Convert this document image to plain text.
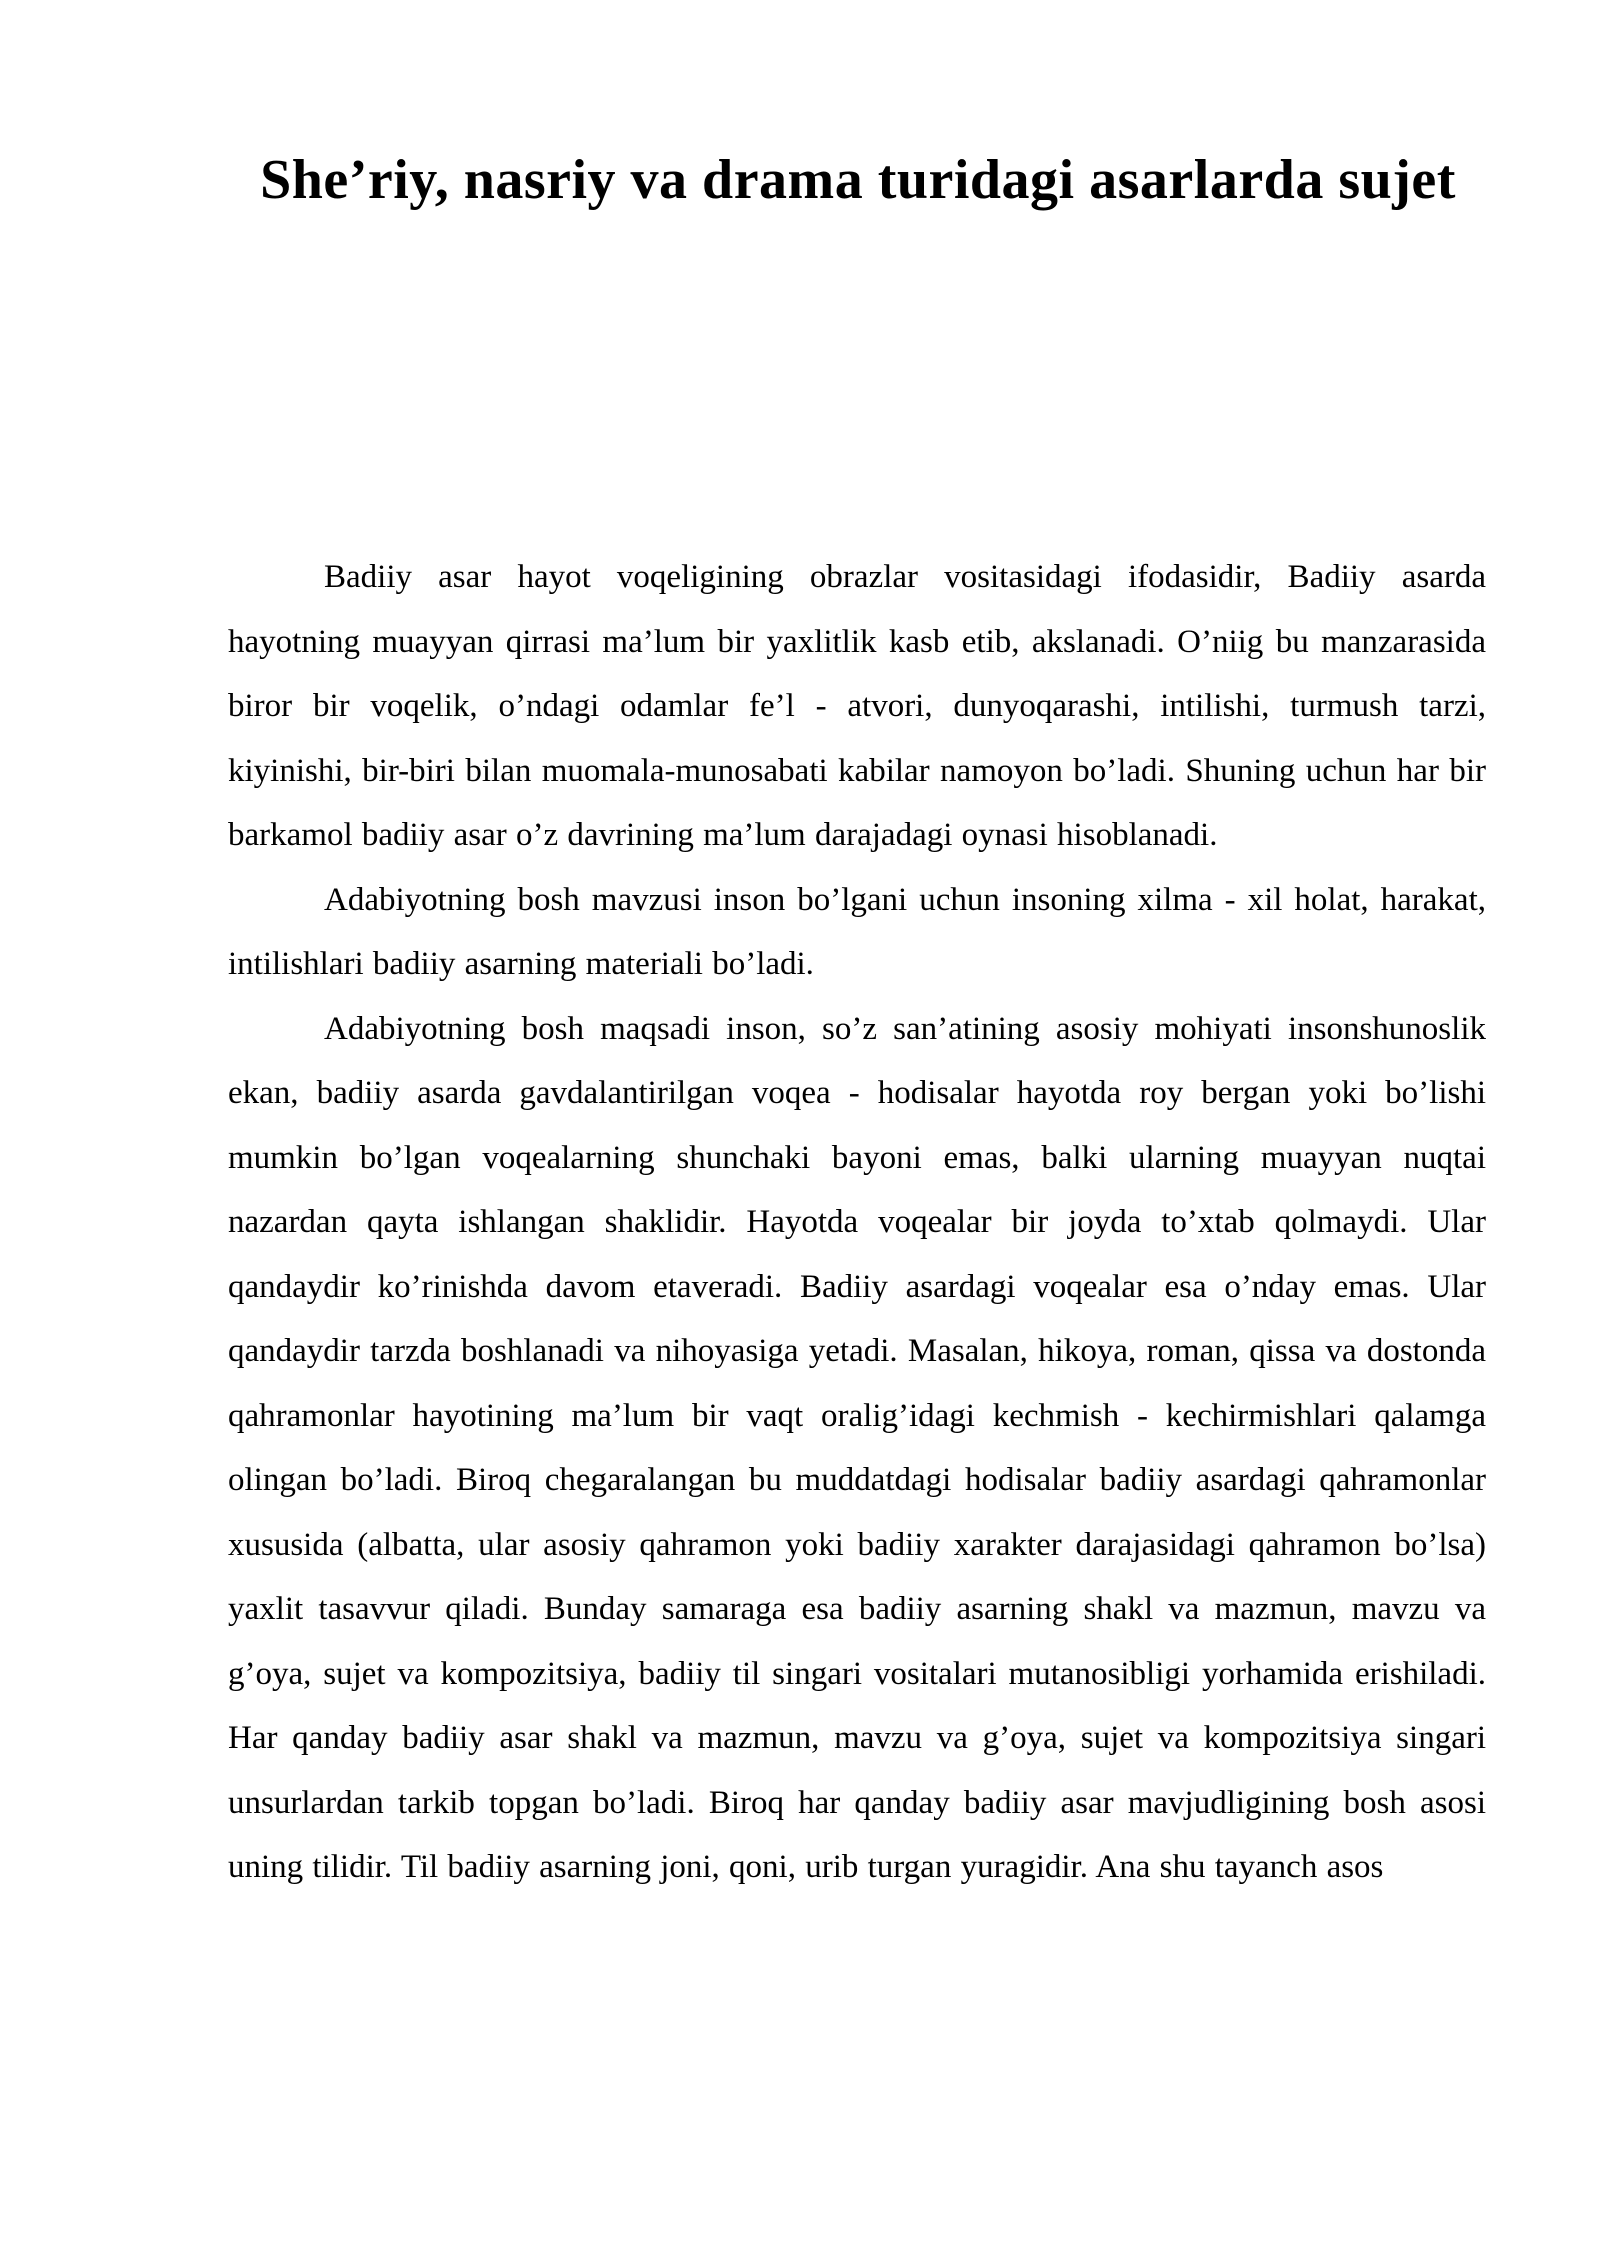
She’riy, nasriy va drama turidagi asarlarda sujet

Badiiy asar hayot voqeligining obrazlar vositasidagi ifodasidir, Badiiy asarda hayotning muayyan qirrasi ma’lum bir yaxlitlik kasb etib, akslanadi. O’niig bu manzarasida biror bir voqelik, o’ndagi odamlar fe’l - atvori, dunyoqarashi, intilishi, turmush tarzi, kiyinishi, bir-biri bilan muomala-munosabati kabilar namoyon bo’ladi. Shuning uchun har bir barkamol badiiy asar o’z davrining ma’lum darajadagi oynasi hisoblanadi.

Adabiyotning bosh mavzusi inson bo’lgani uchun insoning xilma - xil holat, harakat, intilishlari badiiy asarning materiali bo’ladi.

Adabiyotning bosh maqsadi inson, so’z san’atining asosiy mohiyati insonshunoslik ekan, badiiy asarda gavdalantirilgan voqea - hodisalar hayotda roy bergan yoki bo’lishi mumkin bo’lgan voqealarning shunchaki bayoni emas, balki ularning muayyan nuqtai nazardan qayta ishlangan shaklidir. Hayotda voqealar bir joyda to’xtab qolmaydi. Ular qandaydir ko’rinishda davom etaveradi. Badiiy asardagi voqealar esa o’nday emas. Ular qandaydir tarzda boshlanadi va nihoyasiga yetadi. Masalan, hikoya, roman, qissa va dostonda qahramonlar hayotining ma’lum bir vaqt oralig’idagi kechmish - kechirmishlari qalamga olingan bo’ladi. Biroq chegaralangan bu muddatdagi hodisalar badiiy asardagi qahramonlar xususida (albatta, ular asosiy qahramon yoki badiiy xarakter darajasidagi qahramon bo’lsa) yaxlit tasavvur qiladi. Bunday samaraga esa badiiy asarning shakl va mazmun, mavzu va g’oya, sujet va kompozitsiya, badiiy til singari vositalari mutanosibligi yorhamida erishiladi. Har qanday badiiy asar shakl va mazmun, mavzu va g’oya, sujet va kompozitsiya singari unsurlardan tarkib topgan bo’ladi. Biroq har qanday badiiy asar mavjudligining bosh asosi uning tilidir. Til badiiy asarning joni, qoni, urib turgan yuragidir. Ana shu tayanch asos
